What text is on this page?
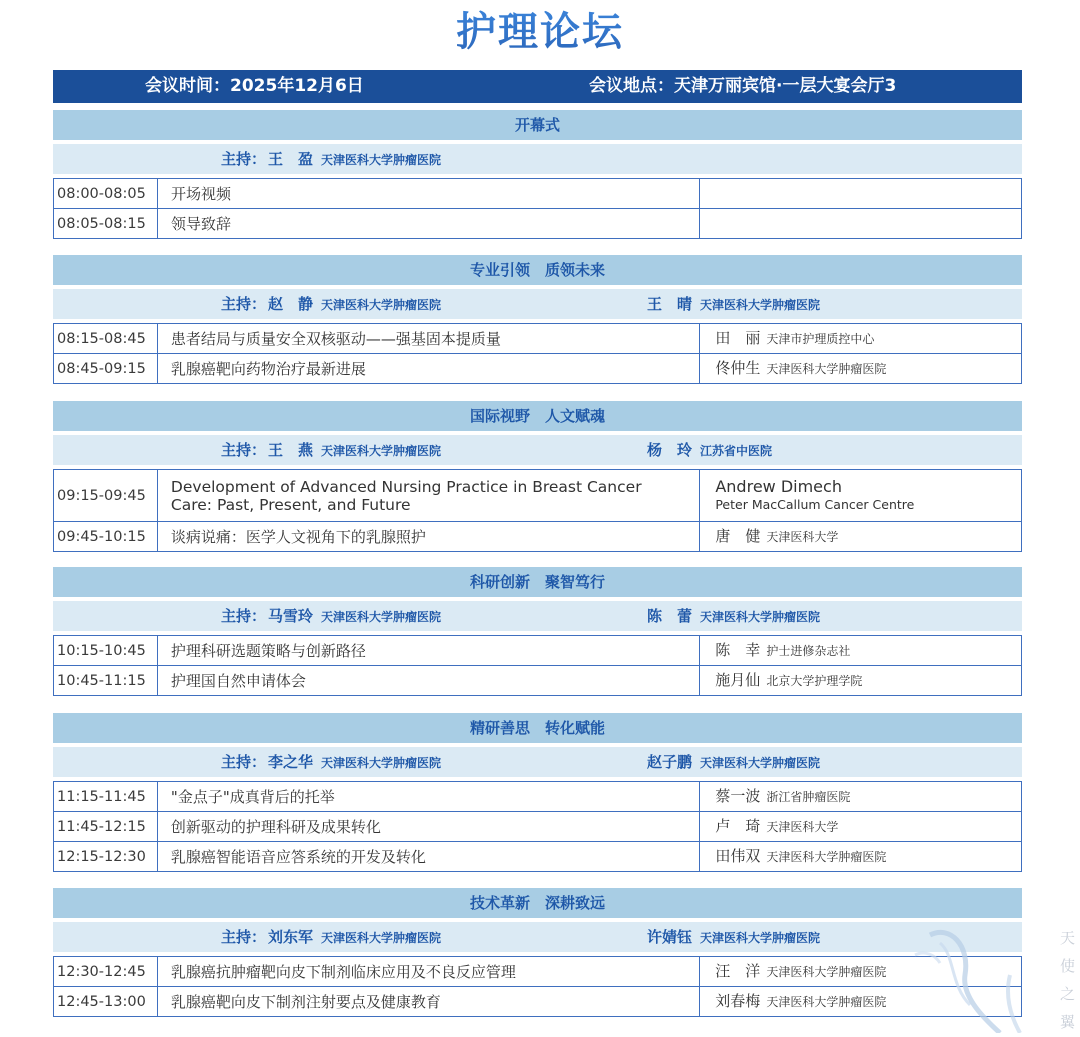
护理论坛
会议时间：2025年12月6日	会议地点：天津万丽宾馆·一层大宴会厅3
开幕式
主持： 王　盈 天津医科大学肿瘤医院
08:00-08:05	开场视频	
08:05-08:15	领导致辞	
专业引领　质领未来
主持： 赵　静 天津医科大学肿瘤医院	王　晴 天津医科大学肿瘤医院
08:15-08:45	患者结局与质量安全双核驱动——强基固本提质量	田　丽 天津市护理质控中心
08:45-09:15	乳腺癌靶向药物治疗最新进展	佟仲生 天津医科大学肿瘤医院
国际视野　人文赋魂
主持： 王　燕 天津医科大学肿瘤医院	杨　玲 江苏省中医院
09:15-09:45	Development of Advanced Nursing Practice in Breast Cancer Care: Past, Present, and Future	Andrew Dimech
Peter MacCallum Cancer Centre

09:45-10:15	谈病说痛：医学人文视角下的乳腺照护	唐　健 天津医科大学
科研创新　聚智笃行
主持： 马雪玲 天津医科大学肿瘤医院	陈　蕾 天津医科大学肿瘤医院
10:15-10:45	护理科研选题策略与创新路径	陈　幸 护士进修杂志社
10:45-11:15	护理国自然申请体会	施月仙 北京大学护理学院
精研善思　转化赋能
主持： 李之华 天津医科大学肿瘤医院	赵子鹏 天津医科大学肿瘤医院
11:15-11:45	"金点子"成真背后的托举	蔡一波 浙江省肿瘤医院
11:45-12:15	创新驱动的护理科研及成果转化	卢　琦 天津医科大学
12:15-12:30	乳腺癌智能语音应答系统的开发及转化	田伟双 天津医科大学肿瘤医院
技术革新　深耕致远
主持： 刘东军 天津医科大学肿瘤医院	许婧钰 天津医科大学肿瘤医院
12:30-12:45	乳腺癌抗肿瘤靶向皮下制剂临床应用及不良反应管理	汪　洋 天津医科大学肿瘤医院
12:45-13:00	乳腺癌靶向皮下制剂注射要点及健康教育	刘春梅 天津医科大学肿瘤医院
天
使
之
翼
